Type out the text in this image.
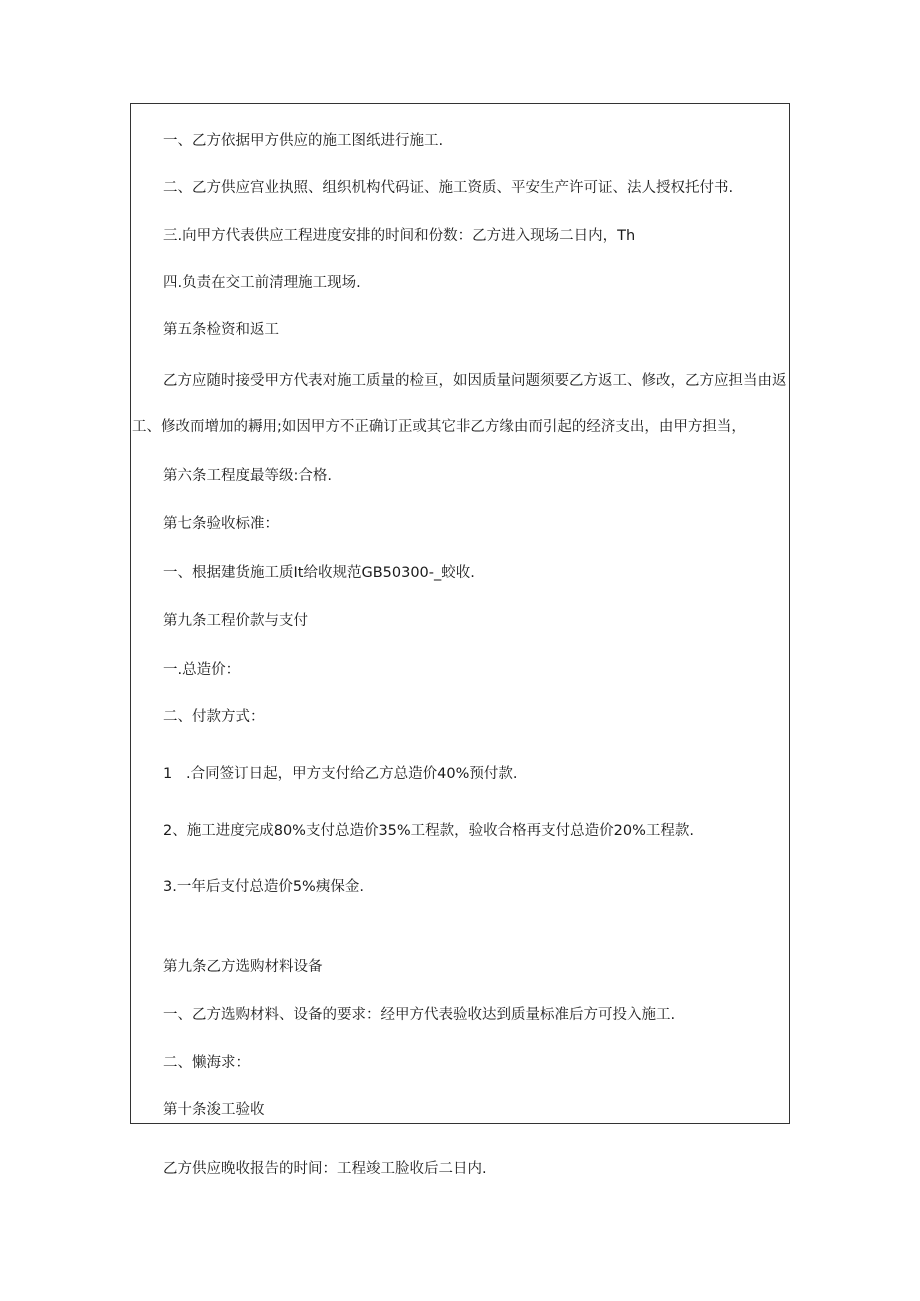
一、乙方依据甲方供应的施工图纸进行施工.
二、乙方供应宫业执照、组织机构代码证、施工资质、平安生产许可证、法人授权托付书.
三.向甲方代表供应工程进度安排的时间和份数：乙方进入现场二日内，Th
四.负责在交工前清理施工现场.
第五条检资和返工
乙方应随时接受甲方代表对施工质量的检亘，如因质量问题须要乙方返工、修改，乙方应担当由返
工、修改而增加的耨用;如因甲方不正确订正或其它非乙方缘由而引起的经济支出，由甲方担当，
第六条工程度最等级:合格.
第七条验收标准：
一、根据建货施工质It给收规范GB50300-_蛟收.
第九条工程价款与支付
一.总造价：
二、付款方式：
1   .合同签订日起，甲方支付给乙方总造价40%预付款.
2、施工进度完成80%支付总造价35%工程款，验收合格再支付总造价20%工程款.
3.一年后支付总造价5%痍保金.
第九条乙方选购材料设备
一、乙方选购材料、设备的要求：经甲方代表验收达到质量标准后方可投入施工.
二、懒海求：
第十条浚工验收
乙方供应晚收报告的时间：工程竣工脸收后二日内.
